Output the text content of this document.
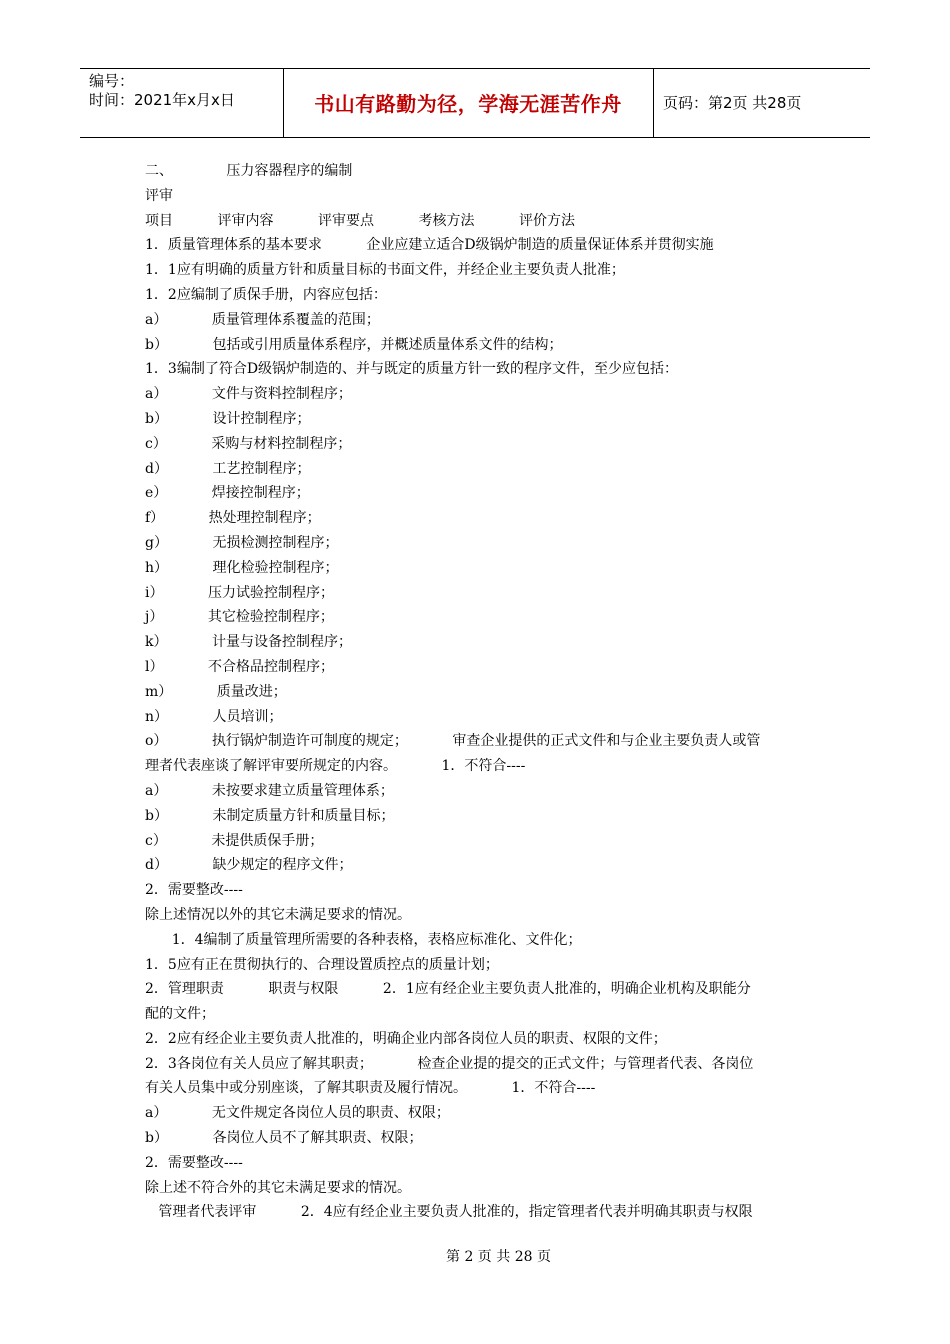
编号：
时间：2021年x月x日	书山有路勤为径，学海无涯苦作舟	页码：第2页 共28页
二、            压力容器程序的编制
评审
项目          评审内容          评审要点          考核方法          评价方法
1．质量管理体系的基本要求          企业应建立适合D级锅炉制造的质量保证体系并贯彻实施
1．1应有明确的质量方针和质量目标的书面文件，并经企业主要负责人批准；
1．2应编制了质保手册，内容应包括：
a）          质量管理体系覆盖的范围；
b）          包括或引用质量体系程序，并概述质量体系文件的结构；
1．3编制了符合D级锅炉制造的、并与既定的质量方针一致的程序文件，至少应包括：
a）          文件与资料控制程序；
b）          设计控制程序；
c）          采购与材料控制程序；
d）          工艺控制程序；
e）          焊接控制程序；
f）          热处理控制程序；
g）          无损检测控制程序；
h）          理化检验控制程序；
i）          压力试验控制程序；
j）          其它检验控制程序；
k）          计量与设备控制程序；
l）          不合格品控制程序；
m）          质量改进；
n）          人员培训；
o）          执行锅炉制造许可制度的规定；          审查企业提供的正式文件和与企业主要负责人或管
理者代表座谈了解评审要所规定的内容。          1．不符合----
a）          未按要求建立质量管理体系；
b）          未制定质量方针和质量目标；
c）          未提供质保手册；
d）          缺少规定的程序文件；
2．需要整改----
除上述情况以外的其它未满足要求的情况。
1．4编制了质量管理所需要的各种表格，表格应标准化、文件化；
1．5应有正在贯彻执行的、合理设置质控点的质量计划；
2．管理职责          职责与权限          2．1应有经企业主要负责人批准的，明确企业机构及职能分
配的文件；
2．2应有经企业主要负责人批准的，明确企业内部各岗位人员的职责、权限的文件；
2．3各岗位有关人员应了解其职责；          检查企业提的提交的正式文件；与管理者代表、各岗位
有关人员集中或分别座谈，了解其职责及履行情况。          1．不符合----
a）          无文件规定各岗位人员的职责、权限；
b）          各岗位人员不了解其职责、权限；
2．需要整改----
除上述不符合外的其它未满足要求的情况。
管理者代表评审          2．4应有经企业主要负责人批准的，指定管理者代表并明确其职责与权限
第 2 页 共 28 页
